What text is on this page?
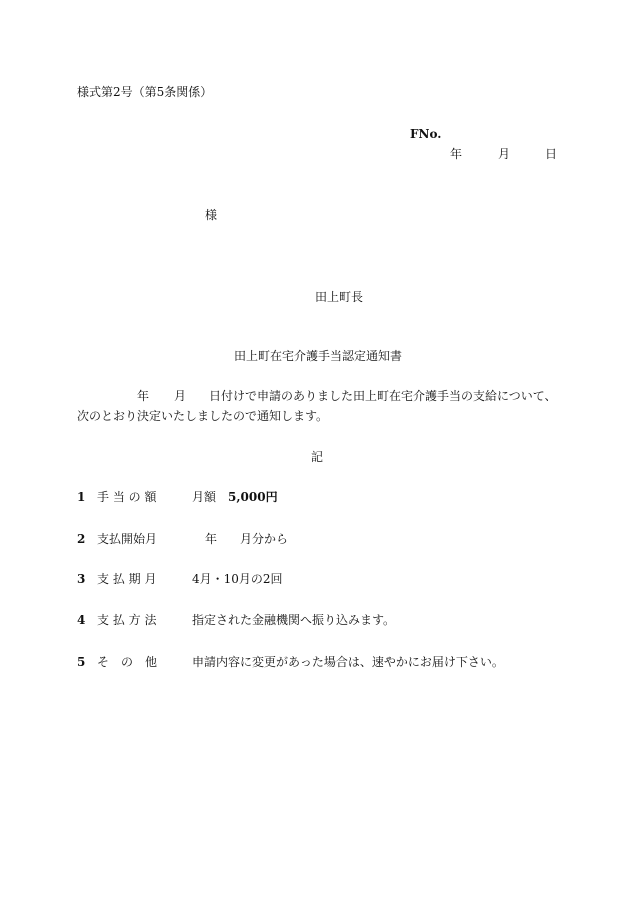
様式第2号（第5条関係）
FNo.
年	月	日
様
田上町長
田上町在宅介護手当認定通知書
年 月 日付けで申請のありました田上町在宅介護手当の支給について、
次のとおり決定いたしましたので通知します。
記
1 手 当 の 額	月額　 5,000円
2 支払開始月	年 月分から
3 支 払 期 月	4月・10月の2回
4 支 払 方 法	指定された金融機関へ振り込みます。
5 そ　の　他	申請内容に変更があった場合は、速やかにお届け下さい。
